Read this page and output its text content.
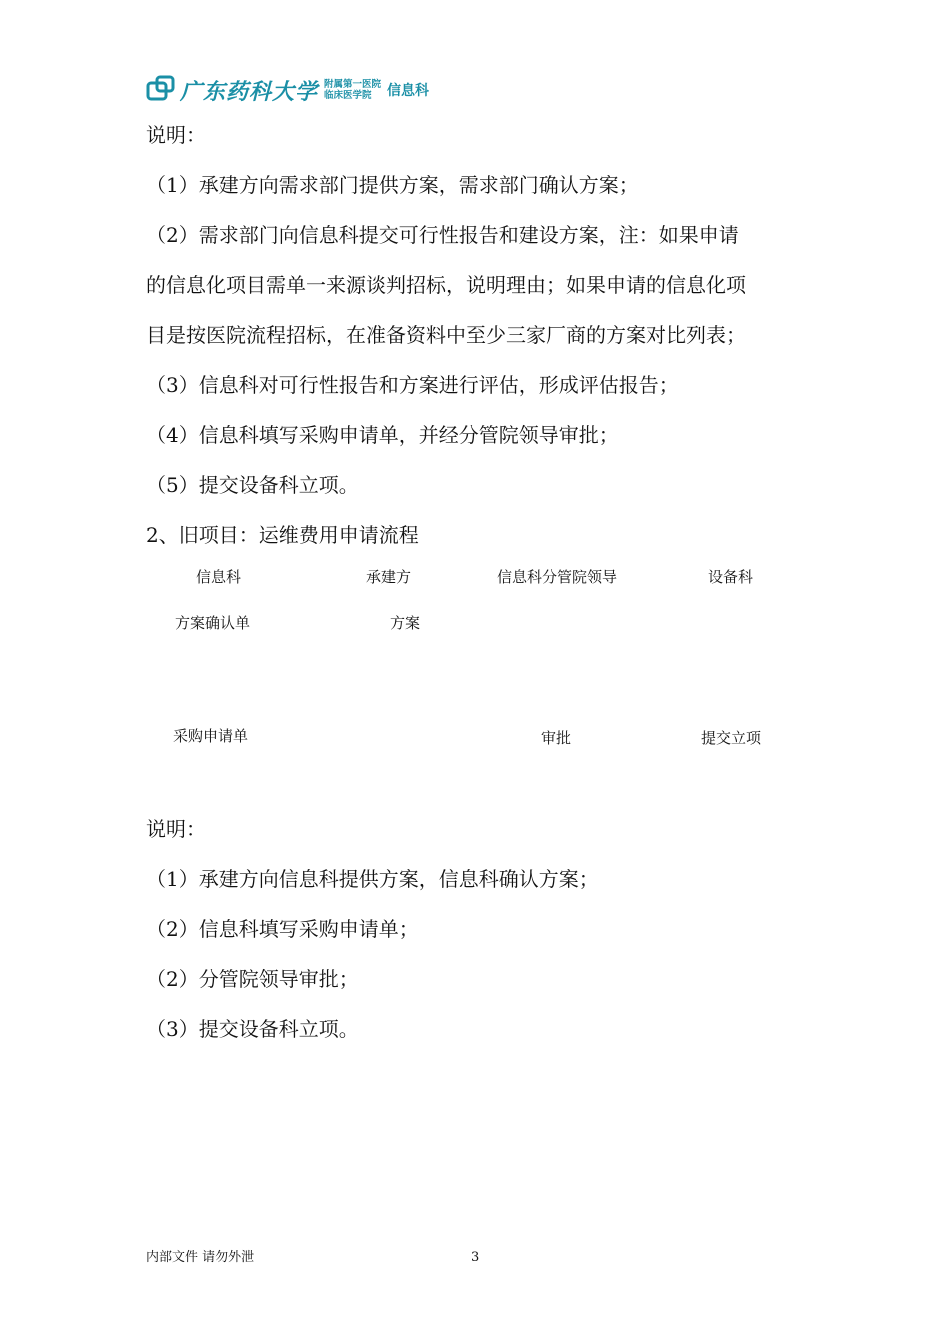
广东药科大学 附属第一医院
临床医学院	信息科
说明：
（1）承建方向需求部门提供方案，需求部门确认方案；
（2）需求部门向信息科提交可行性报告和建设方案，注：如果申请
的信息化项目需单一来源谈判招标，说明理由；如果申请的信息化项
目是按医院流程招标，在准备资料中至少三家厂商的方案对比列表；
（3）信息科对可行性报告和方案进行评估，形成评估报告；
（4）信息科填写采购申请单，并经分管院领导审批；
（5）提交设备科立项。
2、旧项目：运维费用申请流程
信息科	承建方	信息科分管院领导	设备科
方案确认单	方案
采购申请单	审批	提交立项
说明：
（1）承建方向信息科提供方案，信息科确认方案；
（2）信息科填写采购申请单；
（2）分管院领导审批；
（3）提交设备科立项。
内部文件 请勿外泄	3
